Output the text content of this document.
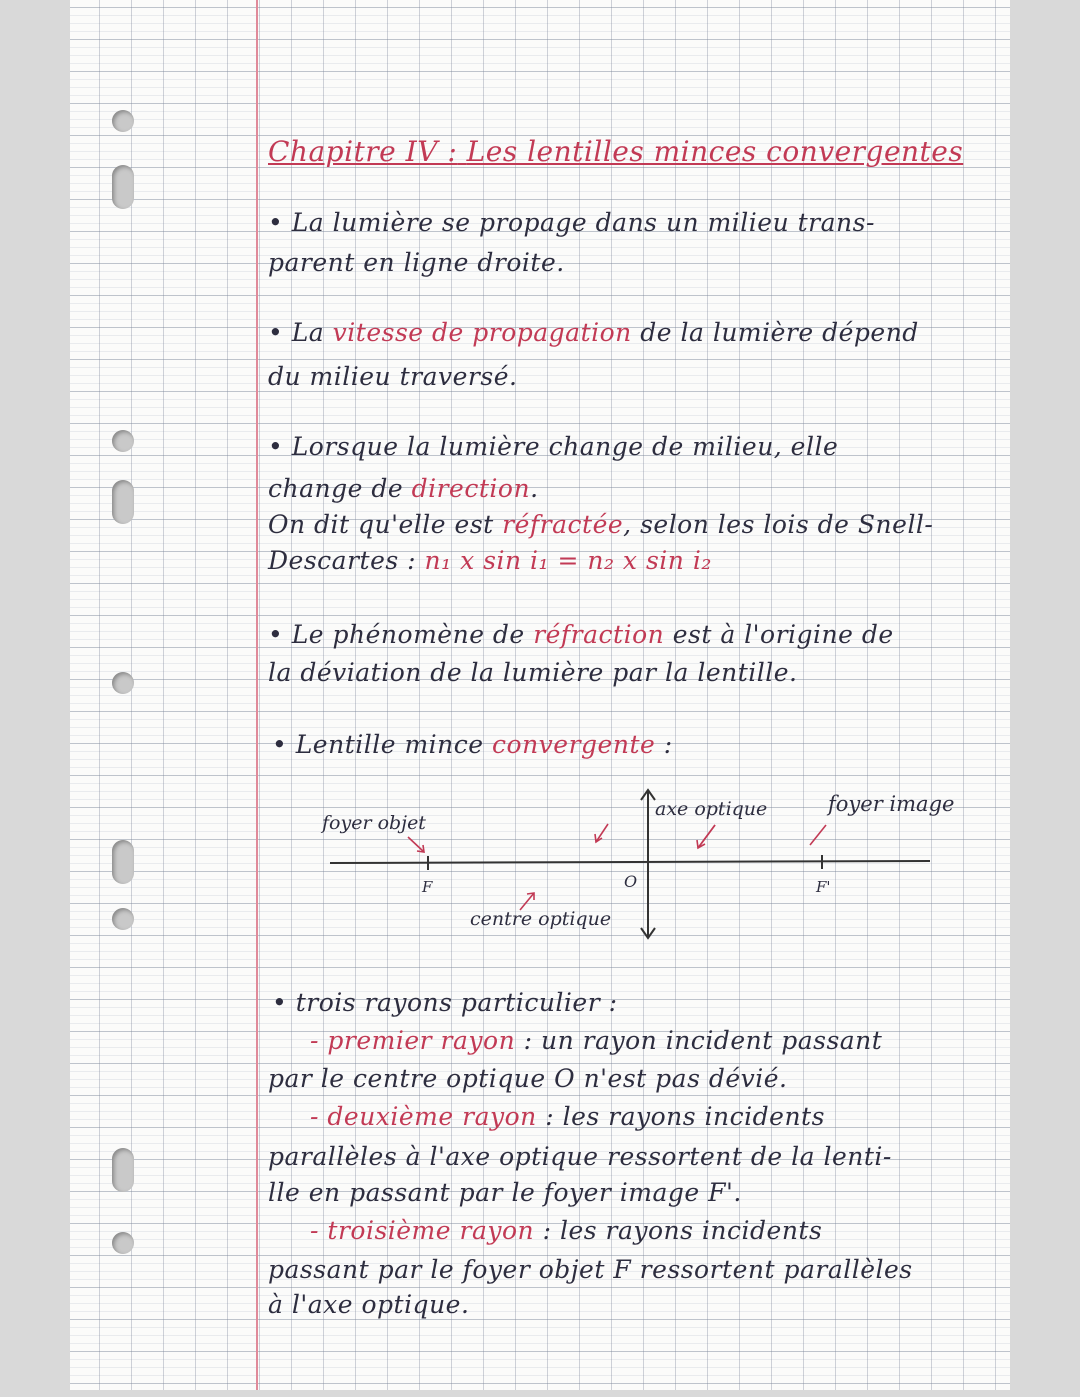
Chapitre IV : Les lentilles minces convergentes
• La lumière se propage dans un milieu trans-
parent en ligne droite.
• La vitesse de propagation de la lumière dépend
du milieu traversé.
• Lorsque la lumière change de milieu, elle
change de direction.
On dit qu'elle est réfractée, selon les lois de Snell-
Descartes : n₁ x sin i₁ = n₂ x sin i₂
• Le phénomène de réfraction est à l'origine de
la déviation de la lumière par la lentille.
• Lentille mince convergente :
foyer objet
axe optique	foyer image
F	O	F'
centre optique
• trois rayons particulier :
- premier rayon : un rayon incident passant
par le centre optique O n'est pas dévié.
- deuxième rayon : les rayons incidents
parallèles à l'axe optique ressortent de la lenti-
lle en passant par le foyer image F'.
- troisième rayon : les rayons incidents
passant par le foyer objet F ressortent parallèles
à l'axe optique.
